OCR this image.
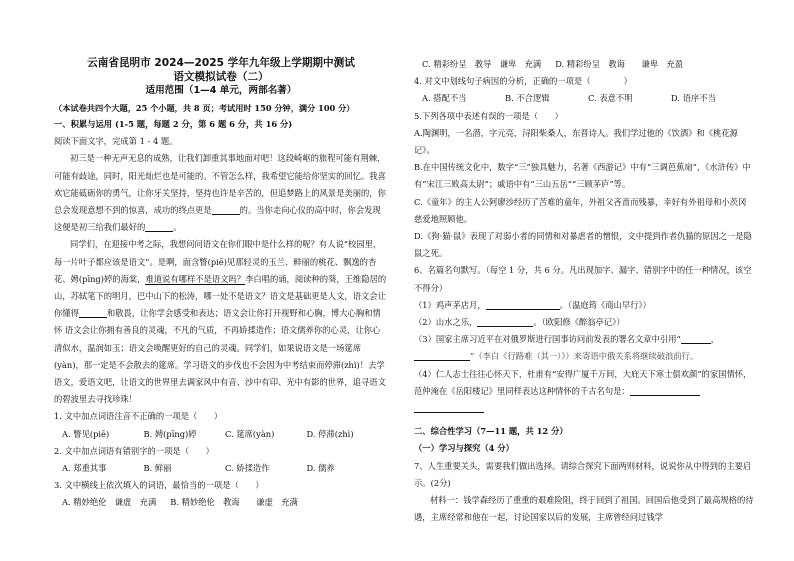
云南省昆明市 2024—2025 学年九年级上学期期中测试
语文模拟试卷（二）
适用范围（1—4 单元，两部名著）

（本试卷共四个大题，25 个小题，共 8 页；考试用时 150 分钟，满分 100 分）

一、积累与运用 (1-5 题，每题 2 分，第 6 题 6 分，共 16 分)

阅读下面文字，完成第 1 - 4 题。

初三是一种无声无息的成熟，让我们卸重其事地面对吧！这段崎岖的旅程可能有荆棘，可能有歧途，同时，阳光灿烂也是可能的。不管怎么样，我希望它能给你坚实的回忆。我喜欢它能砥砺你的勇气，让你牙关坚持，坚持也许是辛苦的，但追梦路上的风景是美丽的，你总会发现意想不到的惊喜，成功的终点更是	的。当你走向心仪的高中时，你会发现这便是初三给我们最好的	。

同学们，在迎接中考之际，我想问问语文在你们眼中是什么样的呢？有人说“校园里，每一片叶子都应该是语文”。是啊，面含瞥(piē)见那轻灵的玉兰、鲜丽的桃花、飘逸的杏花、娉(pīng)婷的海棠，难道说有哪样不是语文吗？李白唱的诵，阅读种的葵，王维隐居的山，苏轼笔下的明月，巴中山下的松涛，哪一处不是语文？语文是基础更是人文，语文会让你懂得	和敬畏，让你学会感受和表达；语文会让你打开视野和心胸，博大心胸和情怀 语文会让你拥有善良的灵魂，不凡的气质，不再娇揉造作；语文儒养你的心灵，让你心清似水，温润如玉；语文会唤醒更好的自己的灵魂。同学们，如果说语文是一场筵席(yàn)，那一定是不会散去的筵席。学习语文的步伐也不会因为中考结束而停滞(zhì)！去学语文，爱语文吧，让语文的世界里去调家风中有音、沙中有印、光中有影的世界，追寻语文的碧波里去寻找珍珠！

1. 文中加点词语注音不正确的一项是（　　）

A. 瞥见(piē)	B. 娉(pīng)婷	C. 筵席(yàn)	D. 停滞(zhì)

2. 文中加点词语有错别字的一项是（　　）

A. 郑重其事	B. 鲜丽	C. 娇揉造作	D. 儒养

3. 文中横线上依次填入的词语，最恰当的一项是（　　）

A. 精妙绝伦　谦虚　充满 B. 精妙绝伦　教诲　　谦虚　充满
C. 精彩纷呈　教导　谦卑　充满 D. 精彩纷呈　教诲　　谦卑　充盈

4. 对文中划线句子病因的分析，正确的一项是（　　　　）

A. 搭配不当	B. 不合逻辑	C. 表意不明	D. 语序不当

5.下列各项中表述有误的一项是（　　）

A.陶渊明，一名潜，字元亮，浔阳柴桑人，东晋诗人。我们学过他的《饮酒》和《桃花源记》。

B.在中国传统文化中，数字“三”独具魅力，名著《西游记》中有“三调芭蕉扇”，《水浒传》中有“宋江三败高太尉”；戚语中有“三山五岳”“三顾茅庐”等。

C.《童年》的主人公阿廖沙经历了苦难的童年，外祖父吝啬而残暴，幸好有外祖母和小茨冈慈爱地照顾他。

D.《狗·猫·鼠》表现了对弱小者的同情和对暴虐者的憎恨，文中提到作者仇猫的原因之一是隐鼠之死。

6、名篇名句默写。（每空 1 分，共 6 分。凡出现加字、漏字、错别字中的任一种情况，该空不得分）

（1）鸡声茅店月，	。（温庭筠《商山早行》）

（2）山水之乐，	。（欧阳修《醉翁亭记》）

（3）国家主席习近平在对俄罗斯进行国事访问前发表的署名文章中引用“	，”（李白《行路难（其一）》）来寄语中俄关系将继续破浪前行。

（4）仁人志士往往心怀天下，杜甫有“安得广厦千万间，大庇天下寒士俱欢颜”的家国情怀，范仲淹在《岳阳楼记》里同样表达这种情怀的千古名句是：

二、综合性学习（7—11 题，共 12 分）

（一）学习与探究（4 分）

7、人生重要关头，需要我们做出选择。请综合探究下面两则材料，说说你从中得到的主要启示。(2分)

材料一：钱学森经历了重重的艰难险阻，终于回到了祖国。回国后他受到了最高规格的待遇，主席经常和他在一起，讨论国家以后的发展，主席曾经问过钱学
